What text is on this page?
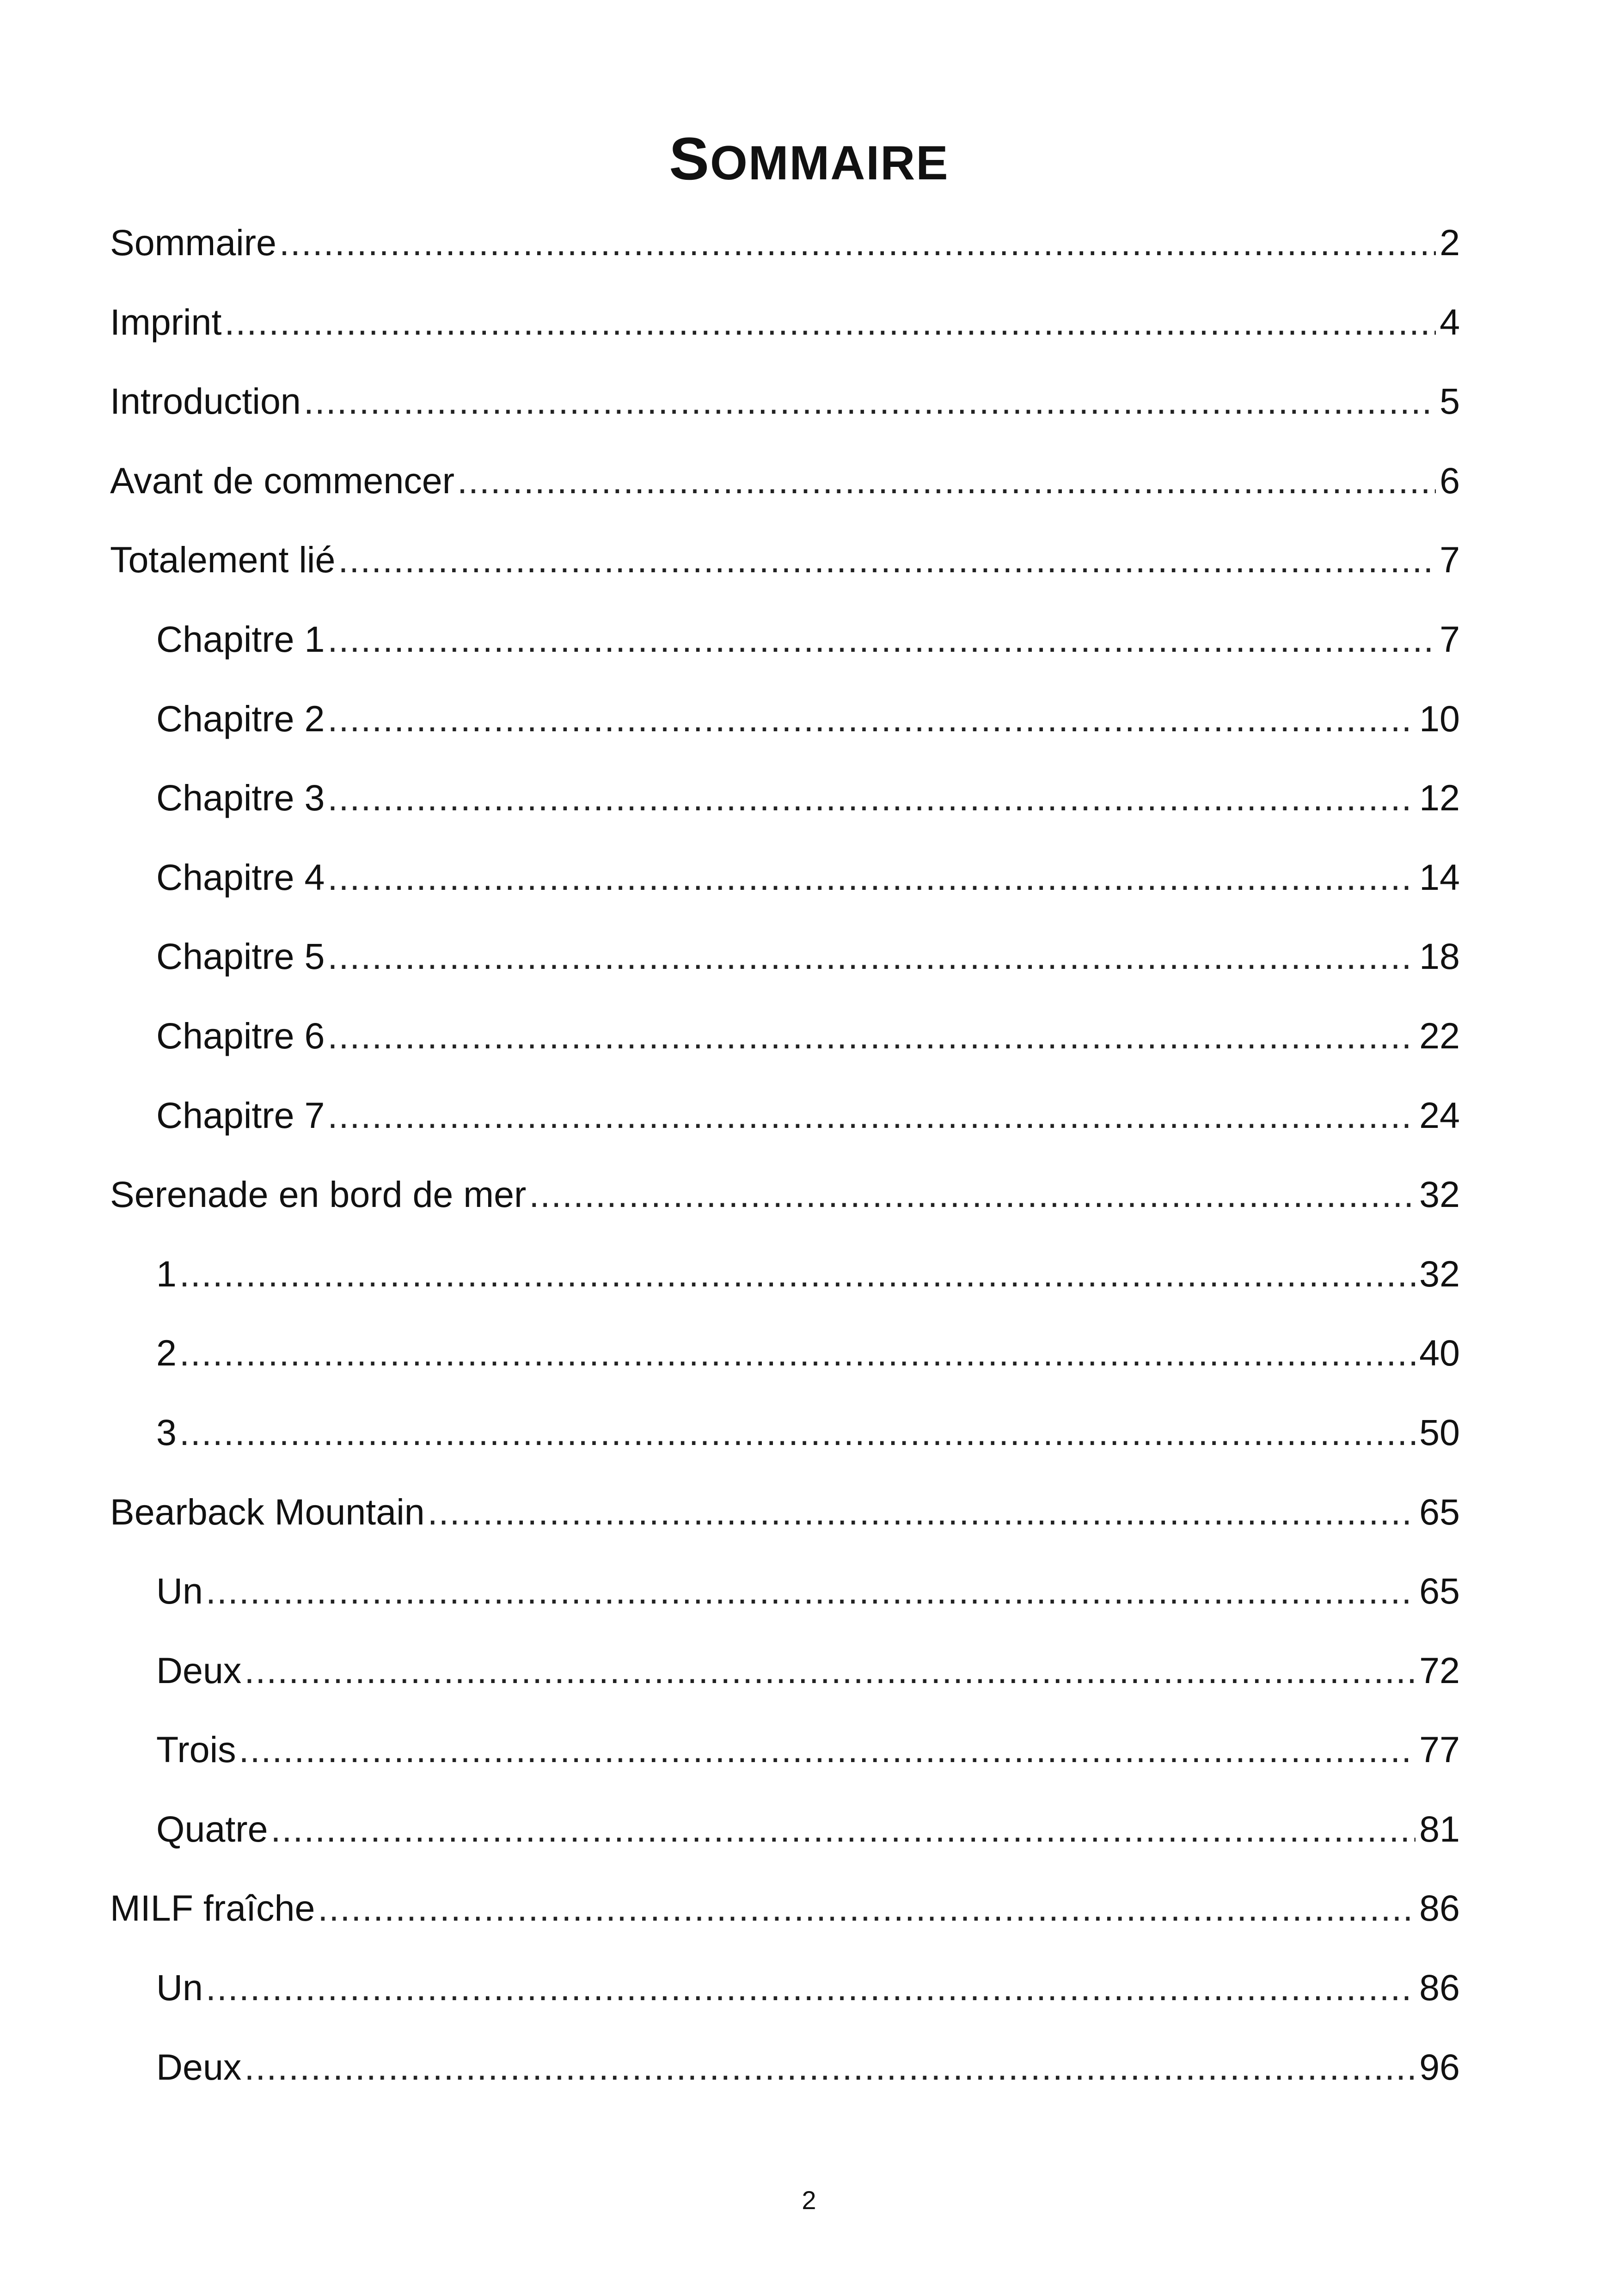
SOMMAIRE
Sommaire .....	2
Imprint .....	4
Introduction .....	5
Avant de commencer .....	6
Totalement lié .....	7
Chapitre 1 .....	7
Chapitre 2 .....	10
Chapitre 3 .....	12
Chapitre 4 .....	14
Chapitre 5 .....	18
Chapitre 6 .....	22
Chapitre 7 .....	24
Serenade en bord de mer .....	32
1 .....	32
2 .....	40
3 .....	50
Bearback Mountain .....	65
Un .....	65
Deux .....	72
Trois .....	77
Quatre .....	81
MILF fraîche .....	86
Un .....	86
Deux .....	96
2
